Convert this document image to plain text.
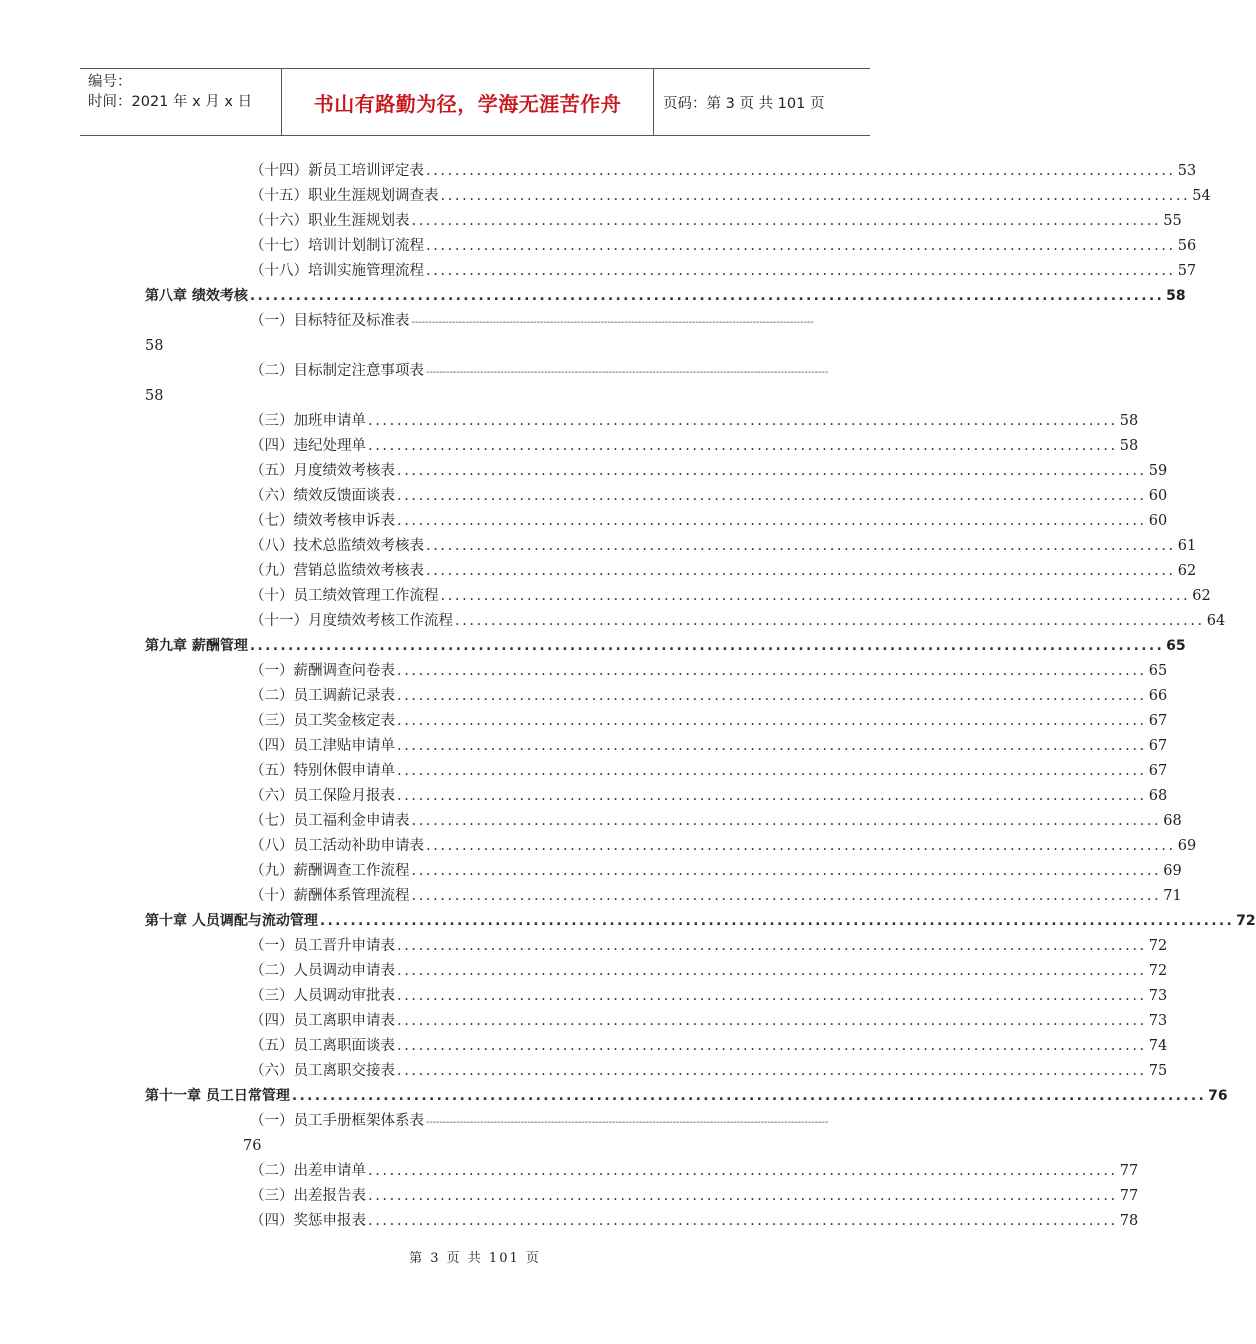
编号：
时间：2021 年 x 月 x 日	书山有路勤为径，学海无涯苦作舟	页码：第 3 页 共 101 页
（十四）新员工培训评定表 ........................................................................................................ 53
（十五）职业生涯规划调查表 ........................................................................................................ 54
（十六）职业生涯规划表 ........................................................................................................ 55
（十七）培训计划制订流程 ........................................................................................................ 56
（十八）培训实施管理流程 ........................................................................................................ 57
第八章 绩效考核 ........................................................................................................................ 58
（一）目标特征及标准表 -----------------------------------------------------------------------------------------------------------------------
58
（二）目标制定注意事项表 -----------------------------------------------------------------------------------------------------------------------
58
（三）加班申请单 ........................................................................................................ 58
（四）违纪处理单 ........................................................................................................ 58
（五）月度绩效考核表 ........................................................................................................ 59
（六）绩效反馈面谈表 ........................................................................................................ 60
（七）绩效考核申诉表 ........................................................................................................ 60
（八）技术总监绩效考核表 ........................................................................................................ 61
（九）营销总监绩效考核表 ........................................................................................................ 62
（十）员工绩效管理工作流程 ........................................................................................................ 62
（十一）月度绩效考核工作流程 ........................................................................................................ 64
第九章 薪酬管理 ........................................................................................................................ 65
（一）薪酬调查问卷表 ........................................................................................................ 65
（二）员工调薪记录表 ........................................................................................................ 66
（三）员工奖金核定表 ........................................................................................................ 67
（四）员工津贴申请单 ........................................................................................................ 67
（五）特别休假申请单 ........................................................................................................ 67
（六）员工保险月报表 ........................................................................................................ 68
（七）员工福利金申请表 ........................................................................................................ 68
（八）员工活动补助申请表 ........................................................................................................ 69
（九）薪酬调查工作流程 ........................................................................................................ 69
（十）薪酬体系管理流程 ........................................................................................................ 71
第十章 人员调配与流动管理 ........................................................................................................................ 72
（一）员工晋升申请表 ........................................................................................................ 72
（二）人员调动申请表 ........................................................................................................ 72
（三）人员调动审批表 ........................................................................................................ 73
（四）员工离职申请表 ........................................................................................................ 73
（五）员工离职面谈表 ........................................................................................................ 74
（六）员工离职交接表 ........................................................................................................ 75
第十一章 员工日常管理 ........................................................................................................................ 76
（一）员工手册框架体系表 -----------------------------------------------------------------------------------------------------------------------
76
（二）出差申请单 ........................................................................................................ 77
（三）出差报告表 ........................................................................................................ 77
（四）奖惩申报表 ........................................................................................................ 78
第 3 页 共 101 页
